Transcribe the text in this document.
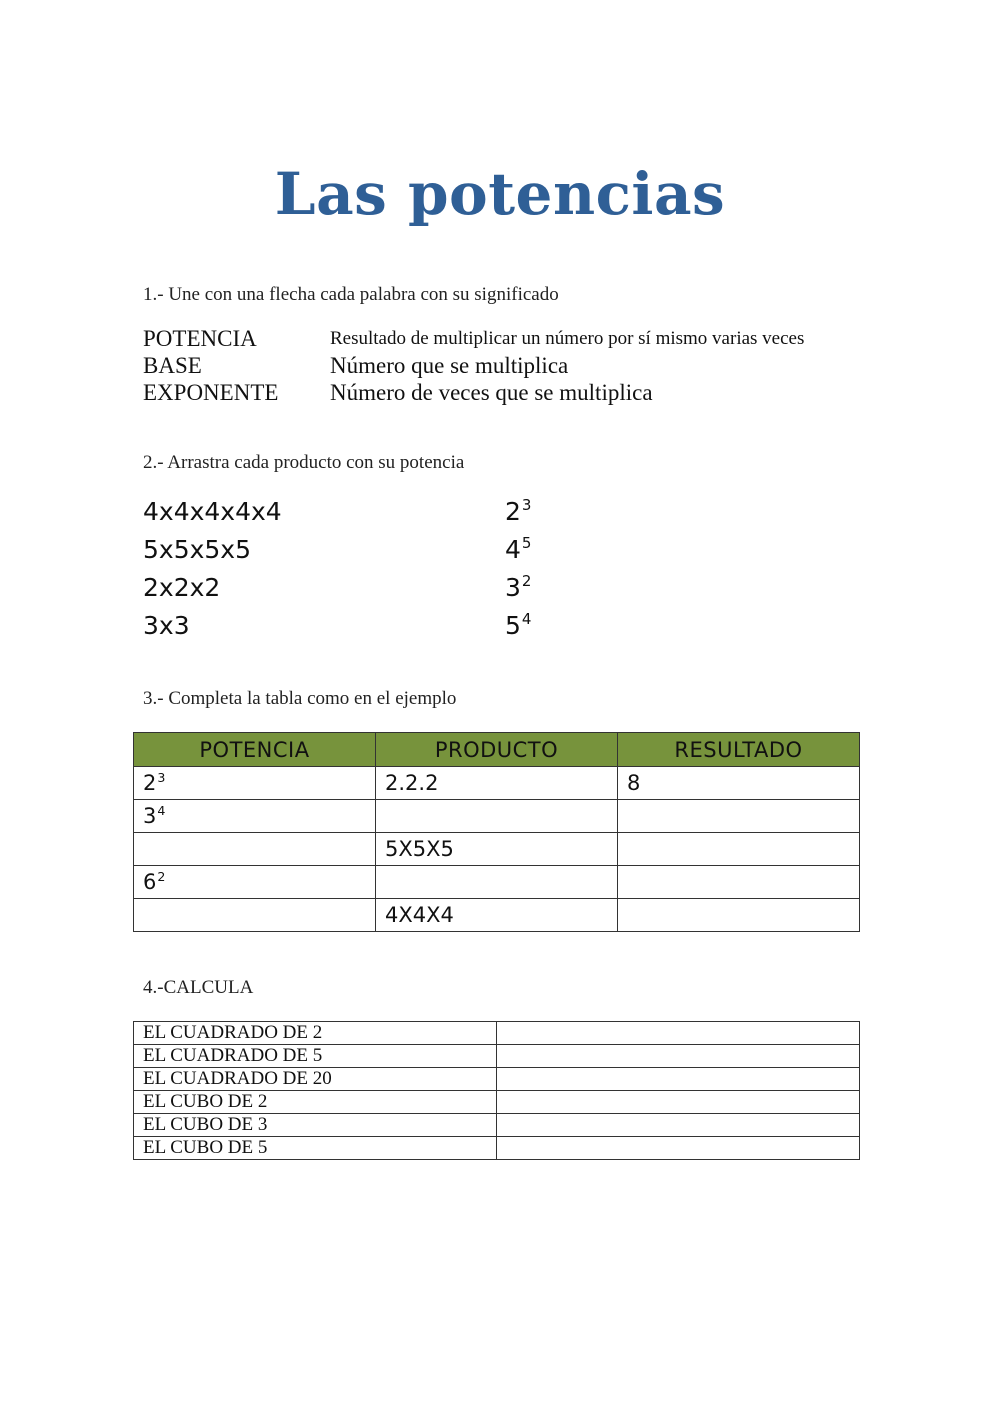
Las potencias
1.- Une con una flecha cada palabra con su significado
POTENCIA	Resultado de multiplicar un número por sí mismo varias veces
BASE	Número que se multiplica
EXPONENTE Número de veces que se multiplica
2.- Arrastra cada producto con su potencia
4x4x4x4x4	$2^3$
5x5x5x5	$4^5$
2x2x2	$3^2$
3x3	$5^4$
3.- Completa la tabla como en el ejemplo
POTENCIA	PRODUCTO	RESULTADO
$2^3$	2.2.2	8
$3^4$		
	5X5X5	
$6^2$		
	4X4X4	
4.-CALCULA
EL CUADRADO DE 2	
EL CUADRADO DE 5	
EL CUADRADO DE 20	
EL CUBO DE 2	
EL CUBO DE 3	
EL CUBO DE 5	
